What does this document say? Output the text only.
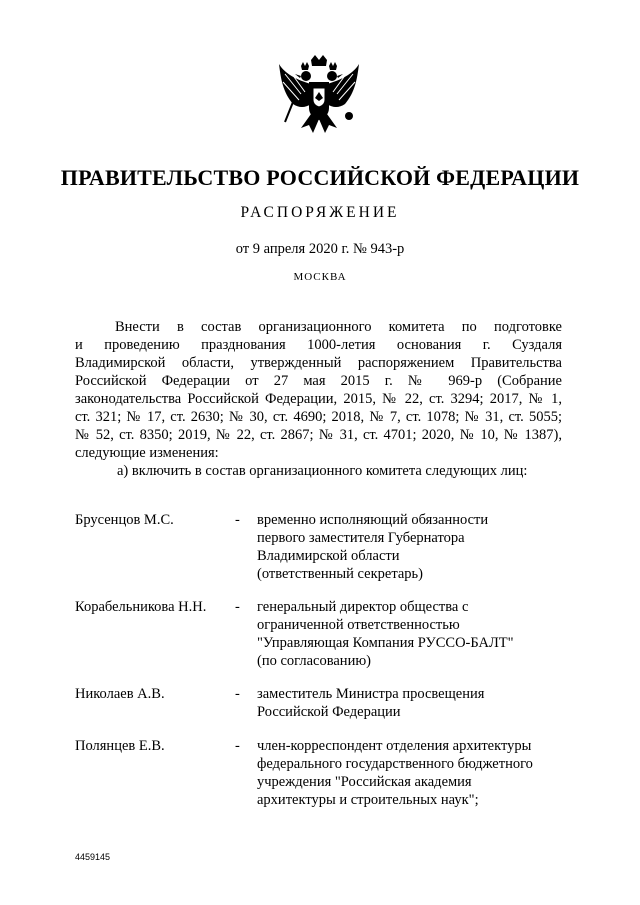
ПРАВИТЕЛЬСТВО РОССИЙСКОЙ ФЕДЕРАЦИИ
РАСПОРЯЖЕНИЕ
от 9 апреля 2020 г. № 943-р
МОСКВА
Внести в состав организационного комитета по подготовке
и проведению празднования 1000-летия основания г. Суздаля
Владимирской области, утвержденный распоряжением Правительства
Российской Федерации от 27 мая 2015 г. № 969-р (Собрание
законодательства Российской Федерации, 2015, № 22, ст. 3294; 2017, № 1,
ст. 321; № 17, ст. 2630; № 30, ст. 4690; 2018, № 7, ст. 1078; № 31, ст. 5055;
№ 52, ст. 8350; 2019, № 22, ст. 2867; № 31, ст. 4701; 2020, № 10, № 1387),
следующие изменения:
а) включить в состав организационного комитета следующих лиц:
Брусенцов М.С.	- временно исполняющий обязанности
первого заместителя Губернатора
Владимирской области
(ответственный секретарь)
Корабельникова Н.Н. - генеральный директор общества с
ограниченной ответственностью
"Управляющая Компания РУССО-БАЛТ"
(по согласованию)
Николаев А.В.	- заместитель Министра просвещения
Российской Федерации
Полянцев Е.В.	- член-корреспондент отделения архитектуры
федерального государственного бюджетного
учреждения "Российская академия
архитектуры и строительных наук";
4459145
